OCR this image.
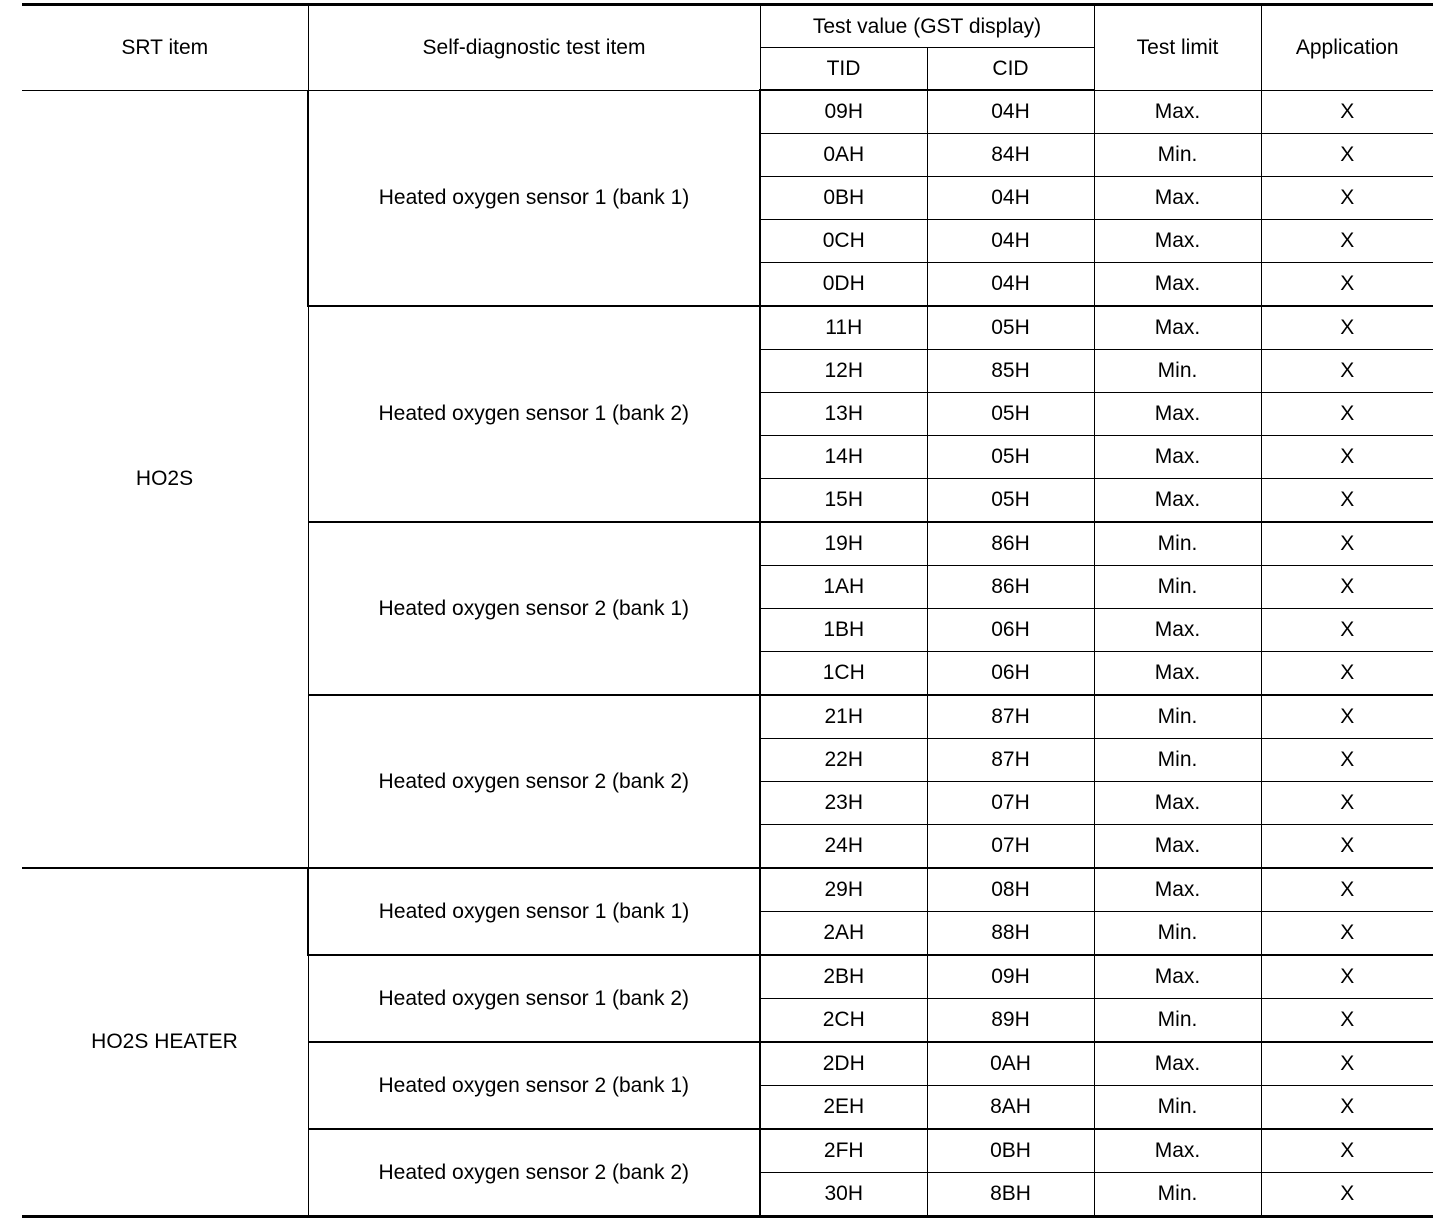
SRT item	Self-diagnostic test item	Test value (GST display)		Test limit	Application
		TID	CID		
HO2S	Heated oxygen sensor 1 (bank 1)	09H	04H	Max.	X
		0AH	84H	Min.	X
		0BH	04H	Max.	X
		0CH	04H	Max.	X
		0DH	04H	Max.	X
	Heated oxygen sensor 1 (bank 2)	11H	05H	Max.	X
		12H	85H	Min.	X
		13H	05H	Max.	X
		14H	05H	Max.	X
		15H	05H	Max.	X
	Heated oxygen sensor 2 (bank 1)	19H	86H	Min.	X
		1AH	86H	Min.	X
		1BH	06H	Max.	X
		1CH	06H	Max.	X
	Heated oxygen sensor 2 (bank 2)	21H	87H	Min.	X
		22H	87H	Min.	X
		23H	07H	Max.	X
		24H	07H	Max.	X
HO2S HEATER	Heated oxygen sensor 1 (bank 1)	29H	08H	Max.	X
		2AH	88H	Min.	X
	Heated oxygen sensor 1 (bank 2)	2BH	09H	Max.	X
		2CH	89H	Min.	X
	Heated oxygen sensor 2 (bank 1)	2DH	0AH	Max.	X
		2EH	8AH	Min.	X
	Heated oxygen sensor 2 (bank 2)	2FH	0BH	Max.	X
		30H	8BH	Min.	X
